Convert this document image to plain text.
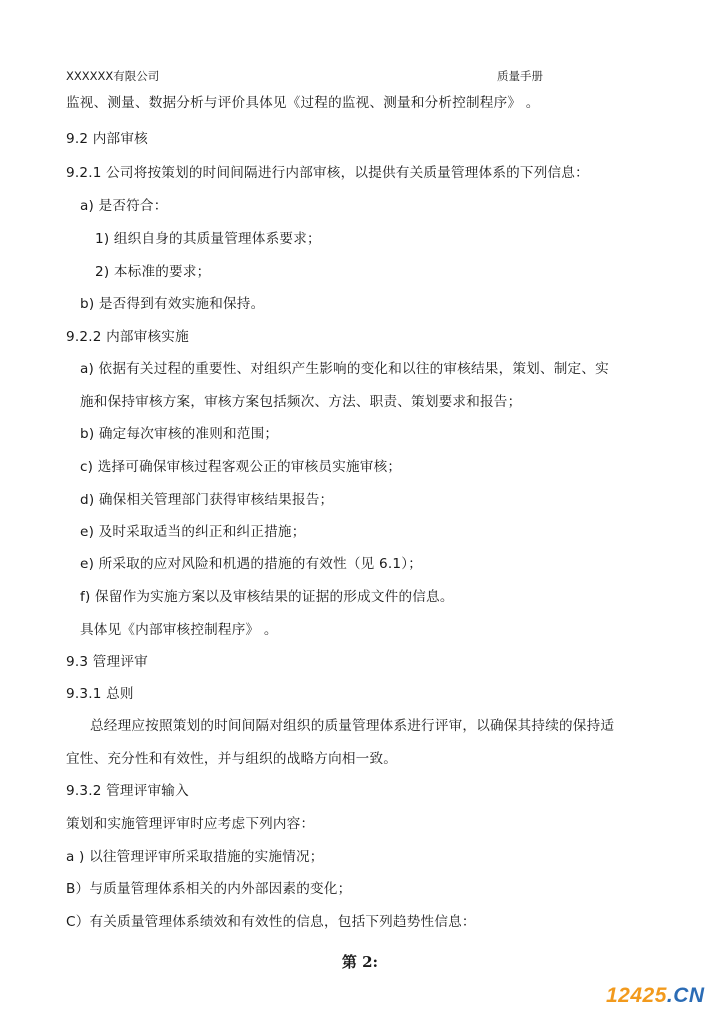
XXXXXX有限公司	质量手册
监视、测量、数据分析与评价具体见《过程的监视、测量和分析控制程序》 。
9.2 内部审核
9.2.1 公司将按策划的时间间隔进行内部审核，以提供有关质量管理体系的下列信息：
a) 是否符合：
1) 组织自身的其质量管理体系要求；
2) 本标准的要求；
b) 是否得到有效实施和保持。
9.2.2 内部审核实施
a) 依据有关过程的重要性、对组织产生影响的变化和以往的审核结果，策划、制定、实
施和保持审核方案，审核方案包括频次、方法、职责、策划要求和报告；
b) 确定每次审核的准则和范围；
c) 选择可确保审核过程客观公正的审核员实施审核；
d) 确保相关管理部门获得审核结果报告；
e) 及时采取适当的纠正和纠正措施；
e) 所采取的应对风险和机遇的措施的有效性（见 6.1）；
f) 保留作为实施方案以及审核结果的证据的形成文件的信息。
具体见《内部审核控制程序》 。
9.3 管理评审
9.3.1 总则
总经理应按照策划的时间间隔对组织的质量管理体系进行评审，以确保其持续的保持适
宜性、充分性和有效性，并与组织的战略方向相一致。
9.3.2 管理评审输入
策划和实施管理评审时应考虑下列内容：
a ) 以往管理评审所采取措施的实施情况；
B）与质量管理体系相关的内外部因素的变化；
C）有关质量管理体系绩效和有效性的信息，包括下列趋势性信息：
第 2:
12425.CN
